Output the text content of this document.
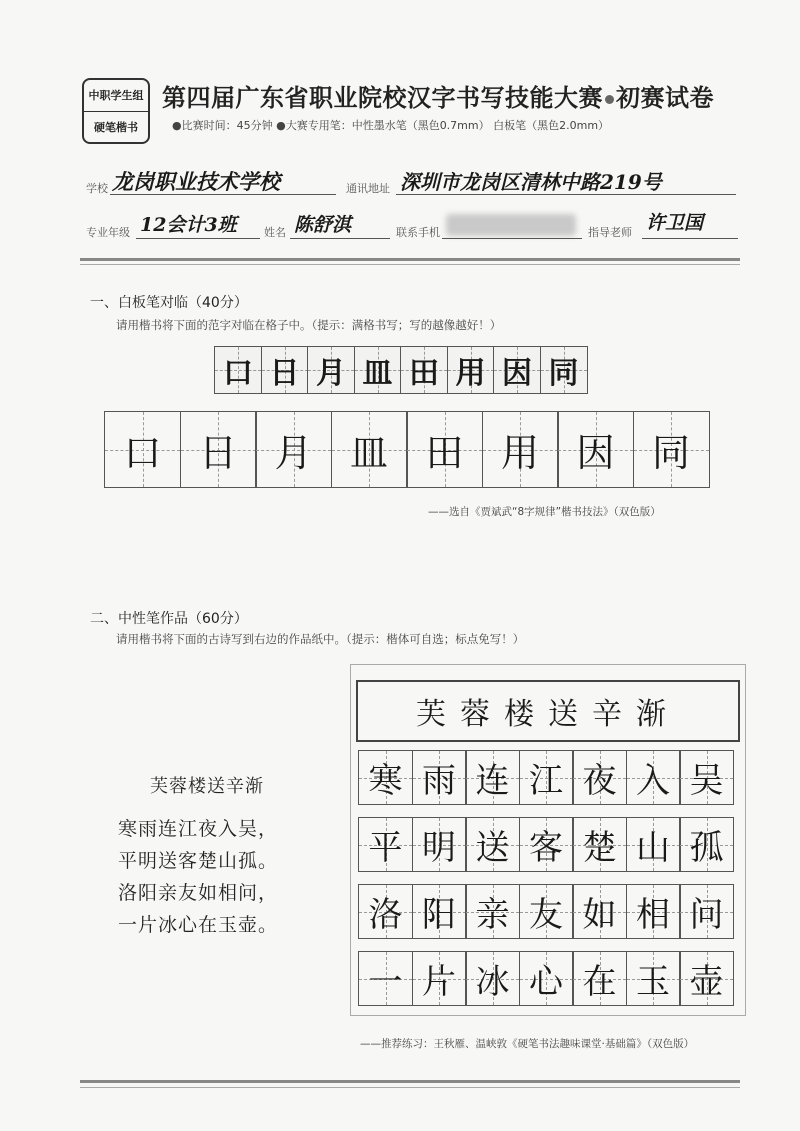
中职学生组
硬笔楷书
第四届广东省职业院校汉字书写技能大赛 初赛试卷
●比赛时间：45分钟 ●大赛专用笔：中性墨水笔（黑色0.7mm） 白板笔（黑色2.0mm）
学校 龙岗职业技术学校	通讯地址 深圳市龙岗区清林中路219号
专业年级 12会计3班 姓名 陈舒淇	联系手机	指导老师 许卫国
一、白板笔对临（40分）
请用楷书将下面的范字对临在格子中。（提示：满格书写；写的越像越好！）
口 日 月 皿 田 用 因 同
口 日 月 皿 田 用 因 同
——选自《贾斌武“8字规律”楷书技法》（双色版）
二、中性笔作品（60分）
请用楷书将下面的古诗写到右边的作品纸中。（提示：楷体可自选；标点免写！）
芙蓉楼送辛渐
寒雨连江夜入吴，
平明送客楚山孤。
洛阳亲友如相问，
一片冰心在玉壶。
芙蓉楼送辛渐
寒 雨 连 江 夜 入 吴
平 明 送 客 楚 山 孤
洛 阳 亲 友 如 相 问
一 片 冰 心 在 玉 壶
——推荐练习：王秋雁、温峡敦《硬笔书法趣味课堂·基础篇》（双色版）
